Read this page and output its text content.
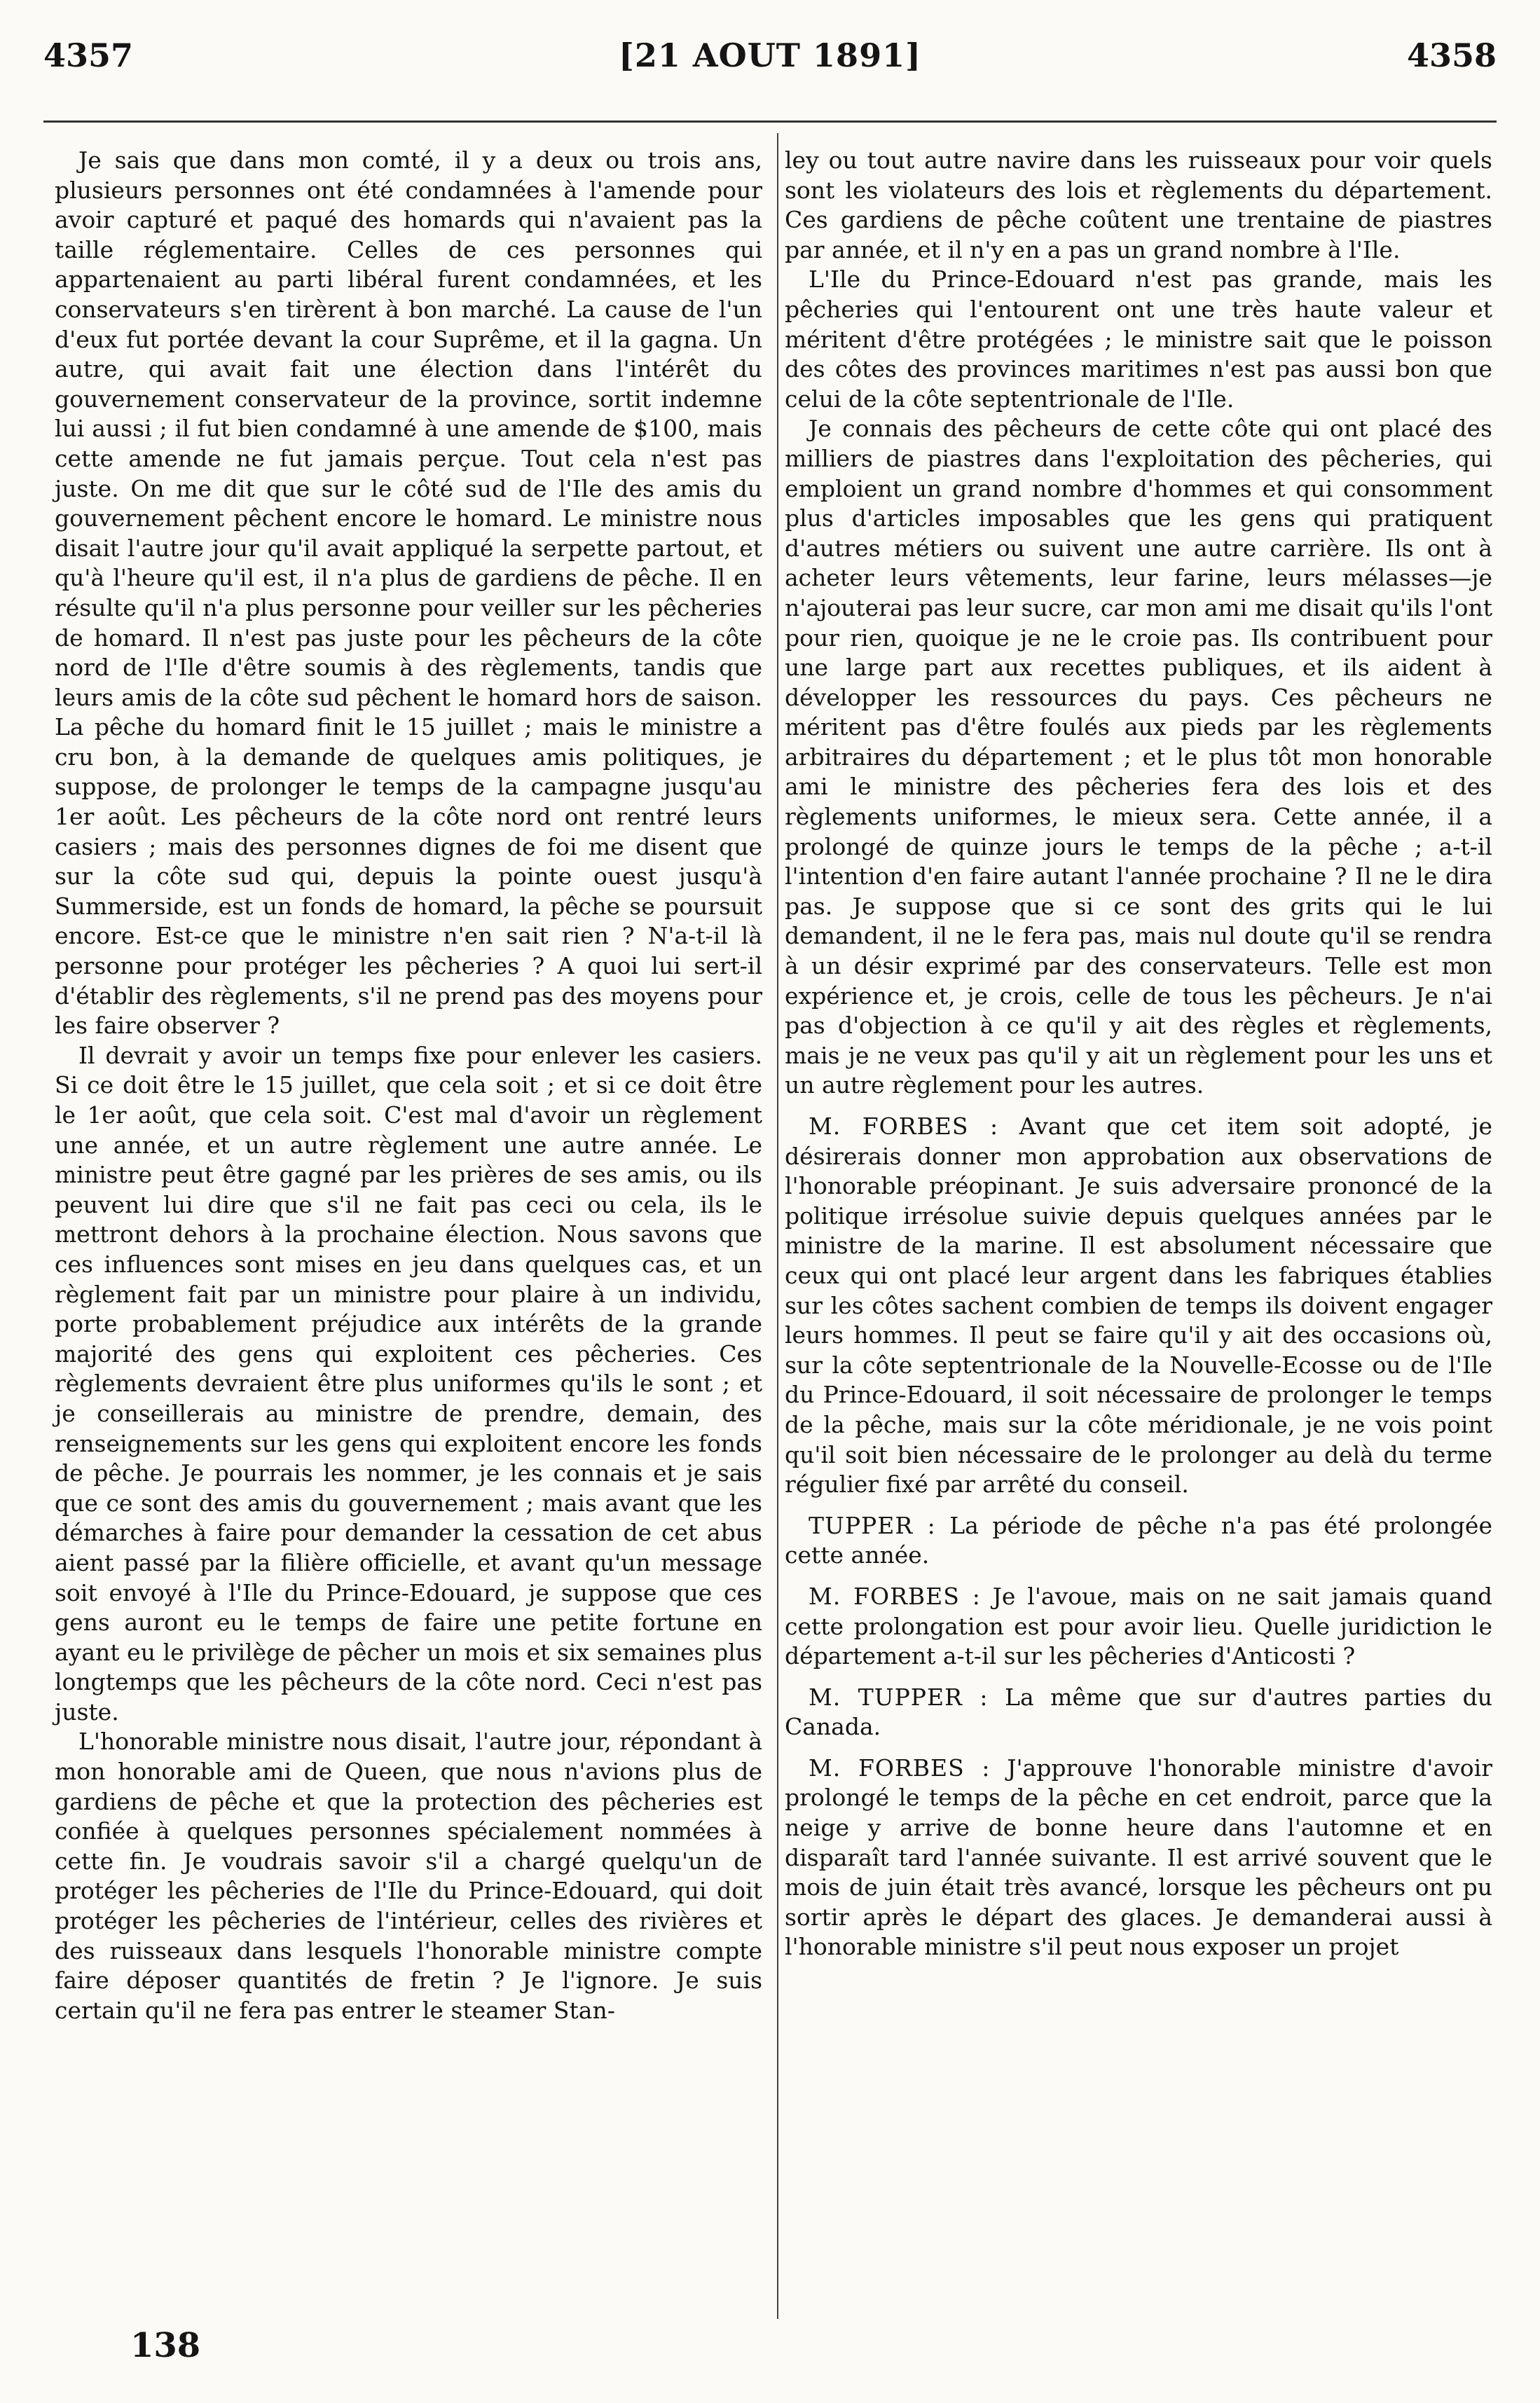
4357	[21 AOUT 1891]	4358

Je sais que dans mon comté, il y a deux ou trois ans, plusieurs personnes ont été condamnées à l'amende pour avoir capturé et paqué des homards qui n'avaient pas la taille réglementaire. Celles de ces personnes qui appartenaient au parti libéral furent condamnées, et les conservateurs s'en tirèrent à bon marché. La cause de l'un d'eux fut portée devant la cour Suprême, et il la gagna. Un autre, qui avait fait une élection dans l'intérêt du gouvernement conservateur de la province, sortit indemne lui aussi ; il fut bien condamné à une amende de $100, mais cette amende ne fut jamais perçue. Tout cela n'est pas juste. On me dit que sur le côté sud de l'Ile des amis du gouvernement pêchent encore le homard. Le ministre nous disait l'autre jour qu'il avait appliqué la serpette partout, et qu'à l'heure qu'il est, il n'a plus de gardiens de pêche. Il en résulte qu'il n'a plus personne pour veiller sur les pêcheries de homard. Il n'est pas juste pour les pêcheurs de la côte nord de l'Ile d'être soumis à des règlements, tandis que leurs amis de la côte sud pêchent le homard hors de saison. La pêche du homard finit le 15 juillet ; mais le ministre a cru bon, à la demande de quelques amis politiques, je suppose, de prolonger le temps de la campagne jusqu'au 1er août. Les pêcheurs de la côte nord ont rentré leurs casiers ; mais des personnes dignes de foi me disent que sur la côte sud qui, depuis la pointe ouest jusqu'à Summerside, est un fonds de homard, la pêche se poursuit encore. Est-ce que le ministre n'en sait rien ? N'a-t-il là personne pour protéger les pêcheries ? A quoi lui sert-il d'établir des règlements, s'il ne prend pas des moyens pour les faire observer ?

Il devrait y avoir un temps fixe pour enlever les casiers. Si ce doit être le 15 juillet, que cela soit ; et si ce doit être le 1er août, que cela soit. C'est mal d'avoir un règlement une année, et un autre règlement une autre année. Le ministre peut être gagné par les prières de ses amis, ou ils peuvent lui dire que s'il ne fait pas ceci ou cela, ils le mettront dehors à la prochaine élection. Nous savons que ces influences sont mises en jeu dans quelques cas, et un règlement fait par un ministre pour plaire à un individu, porte probablement préjudice aux intérêts de la grande majorité des gens qui exploitent ces pêcheries. Ces règlements devraient être plus uniformes qu'ils le sont ; et je conseillerais au ministre de prendre, demain, des renseignements sur les gens qui exploitent encore les fonds de pêche. Je pourrais les nommer, je les connais et je sais que ce sont des amis du gouvernement ; mais avant que les démarches à faire pour demander la cessation de cet abus aient passé par la filière officielle, et avant qu'un message soit envoyé à l'Ile du Prince-Edouard, je suppose que ces gens auront eu le temps de faire une petite fortune en ayant eu le privilège de pêcher un mois et six semaines plus longtemps que les pêcheurs de la côte nord. Ceci n'est pas juste.

L'honorable ministre nous disait, l'autre jour, répondant à mon honorable ami de Queen, que nous n'avions plus de gardiens de pêche et que la protection des pêcheries est confiée à quelques personnes spécialement nommées à cette fin. Je voudrais savoir s'il a chargé quelqu'un de protéger les pêcheries de l'Ile du Prince-Edouard, qui doit protéger les pêcheries de l'intérieur, celles des rivières et des ruisseaux dans lesquels l'honorable ministre compte faire déposer quantités de fretin ? Je l'ignore. Je suis certain qu'il ne fera pas entrer le steamer Stan-

ley ou tout autre navire dans les ruisseaux pour voir quels sont les violateurs des lois et règlements du département. Ces gardiens de pêche coûtent une trentaine de piastres par année, et il n'y en a pas un grand nombre à l'Ile.

L'Ile du Prince-Edouard n'est pas grande, mais les pêcheries qui l'entourent ont une très haute valeur et méritent d'être protégées ; le ministre sait que le poisson des côtes des provinces maritimes n'est pas aussi bon que celui de la côte septentrionale de l'Ile.

Je connais des pêcheurs de cette côte qui ont placé des milliers de piastres dans l'exploitation des pêcheries, qui emploient un grand nombre d'hommes et qui consomment plus d'articles imposables que les gens qui pratiquent d'autres métiers ou suivent une autre carrière. Ils ont à acheter leurs vêtements, leur farine, leurs mélasses—je n'ajouterai pas leur sucre, car mon ami me disait qu'ils l'ont pour rien, quoique je ne le croie pas. Ils contribuent pour une large part aux recettes publiques, et ils aident à développer les ressources du pays. Ces pêcheurs ne méritent pas d'être foulés aux pieds par les règlements arbitraires du département ; et le plus tôt mon honorable ami le ministre des pêcheries fera des lois et des règlements uniformes, le mieux sera. Cette année, il a prolongé de quinze jours le temps de la pêche ; a-t-il l'intention d'en faire autant l'année prochaine ? Il ne le dira pas. Je suppose que si ce sont des grits qui le lui demandent, il ne le fera pas, mais nul doute qu'il se rendra à un désir exprimé par des conservateurs. Telle est mon expérience et, je crois, celle de tous les pêcheurs. Je n'ai pas d'objection à ce qu'il y ait des règles et règlements, mais je ne veux pas qu'il y ait un règlement pour les uns et un autre règlement pour les autres.

M. FORBES : Avant que cet item soit adopté, je désirerais donner mon approbation aux observations de l'honorable préopinant. Je suis adversaire prononcé de la politique irrésolue suivie depuis quelques années par le ministre de la marine. Il est absolument nécessaire que ceux qui ont placé leur argent dans les fabriques établies sur les côtes sachent combien de temps ils doivent engager leurs hommes. Il peut se faire qu'il y ait des occasions où, sur la côte septentrionale de la Nouvelle-Ecosse ou de l'Ile du Prince-Edouard, il soit nécessaire de prolonger le temps de la pêche, mais sur la côte méridionale, je ne vois point qu'il soit bien nécessaire de le prolonger au delà du terme régulier fixé par arrêté du conseil.

TUPPER : La période de pêche n'a pas été prolongée cette année.

M. FORBES : Je l'avoue, mais on ne sait jamais quand cette prolongation est pour avoir lieu. Quelle juridiction le département a-t-il sur les pêcheries d'Anticosti ?

M. TUPPER : La même que sur d'autres parties du Canada.

M. FORBES : J'approuve l'honorable ministre d'avoir prolongé le temps de la pêche en cet endroit, parce que la neige y arrive de bonne heure dans l'automne et en disparaît tard l'année suivante. Il est arrivé souvent que le mois de juin était très avancé, lorsque les pêcheurs ont pu sortir après le départ des glaces. Je demanderai aussi à l'honorable ministre s'il peut nous exposer un projet

138
